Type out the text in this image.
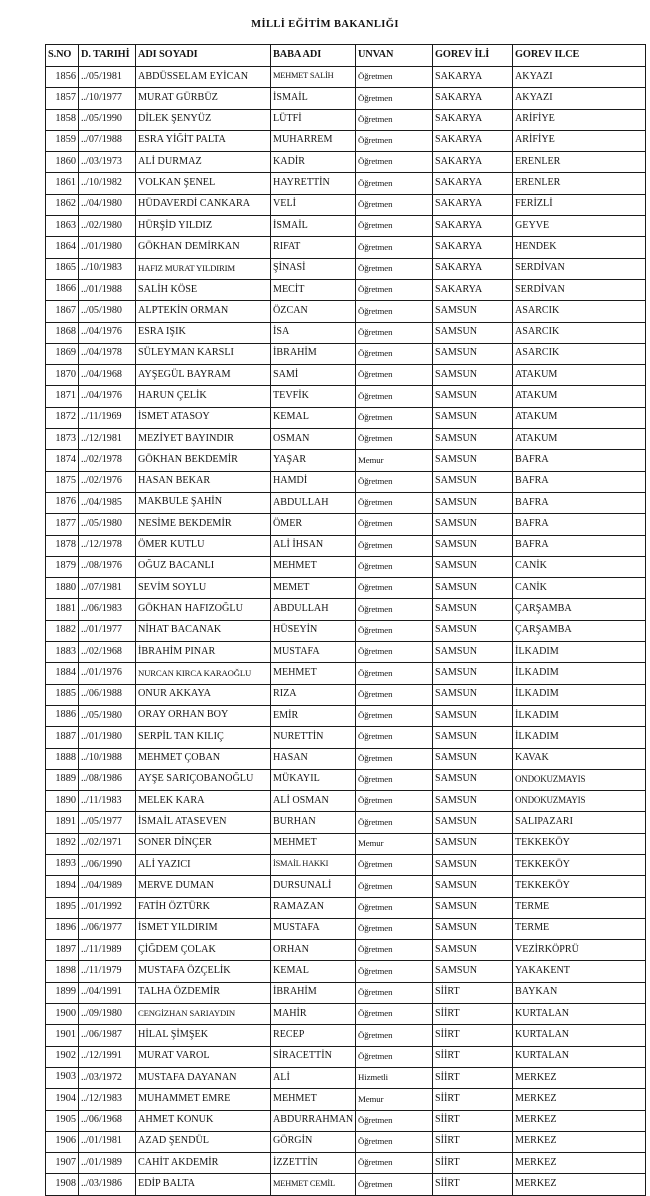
MİLLİ EĞİTİM BAKANLIĞI
S.NO	D. TARIHİ	ADI SOYADI	BABA ADI	UNVAN	GOREV İLİ	GOREV ILCE
1856	../05/1981	ABDÜSSELAM EYİCAN	MEHMET SALİH	Öğretmen	SAKARYA	AKYAZI
1857	../10/1977	MURAT GÜRBÜZ	İSMAİL	Öğretmen	SAKARYA	AKYAZI
1858	../05/1990	DİLEK ŞENYÜZ	LÜTFİ	Öğretmen	SAKARYA	ARİFİYE
1859	../07/1988	ESRA YİĞİT PALTA	MUHARREM	Öğretmen	SAKARYA	ARİFİYE
1860	../03/1973	ALİ DURMAZ	KADİR	Öğretmen	SAKARYA	ERENLER
1861	../10/1982	VOLKAN ŞENEL	HAYRETTİN	Öğretmen	SAKARYA	ERENLER
1862	../04/1980	HÜDAVERDİ CANKARA	VELİ	Öğretmen	SAKARYA	FERİZLİ
1863	../02/1980	HÜRŞİD YILDIZ	İSMAİL	Öğretmen	SAKARYA	GEYVE
1864	../01/1980	GÖKHAN DEMİRKAN	RIFAT	Öğretmen	SAKARYA	HENDEK
1865	../10/1983	HAFIZ MURAT YILDIRIM	ŞİNASİ	Öğretmen	SAKARYA	SERDİVAN
1866	../01/1988	SALİH KÖSE	MECİT	Öğretmen	SAKARYA	SERDİVAN
1867	../05/1980	ALPTEKİN ORMAN	ÖZCAN	Öğretmen	SAMSUN	ASARCIK
1868	../04/1976	ESRA IŞIK	İSA	Öğretmen	SAMSUN	ASARCIK
1869	../04/1978	SÜLEYMAN KARSLI	İBRAHİM	Öğretmen	SAMSUN	ASARCIK
1870	../04/1968	AYŞEGÜL BAYRAM	SAMİ	Öğretmen	SAMSUN	ATAKUM
1871	../04/1976	HARUN ÇELİK	TEVFİK	Öğretmen	SAMSUN	ATAKUM
1872	../11/1969	İSMET ATASOY	KEMAL	Öğretmen	SAMSUN	ATAKUM
1873	../12/1981	MEZİYET BAYINDIR	OSMAN	Öğretmen	SAMSUN	ATAKUM
1874	../02/1978	GÖKHAN BEKDEMİR	YAŞAR	Memur	SAMSUN	BAFRA
1875	../02/1976	HASAN BEKAR	HAMDİ	Öğretmen	SAMSUN	BAFRA
1876	../04/1985	MAKBULE ŞAHİN	ABDULLAH	Öğretmen	SAMSUN	BAFRA
1877	../05/1980	NESİME BEKDEMİR	ÖMER	Öğretmen	SAMSUN	BAFRA
1878	../12/1978	ÖMER KUTLU	ALİ İHSAN	Öğretmen	SAMSUN	BAFRA
1879	../08/1976	OĞUZ BACANLI	MEHMET	Öğretmen	SAMSUN	CANİK
1880	../07/1981	SEVİM SOYLU	MEMET	Öğretmen	SAMSUN	CANİK
1881	../06/1983	GÖKHAN HAFIZOĞLU	ABDULLAH	Öğretmen	SAMSUN	ÇARŞAMBA
1882	../01/1977	NİHAT BACANAK	HÜSEYİN	Öğretmen	SAMSUN	ÇARŞAMBA
1883	../02/1968	İBRAHİM PINAR	MUSTAFA	Öğretmen	SAMSUN	İLKADIM
1884	../01/1976	NURCAN KIRCA KARAOĞLU	MEHMET	Öğretmen	SAMSUN	İLKADIM
1885	../06/1988	ONUR AKKAYA	RIZA	Öğretmen	SAMSUN	İLKADIM
1886	../05/1980	ORAY ORHAN BOY	EMİR	Öğretmen	SAMSUN	İLKADIM
1887	../01/1980	SERPİL TAN KILIÇ	NURETTİN	Öğretmen	SAMSUN	İLKADIM
1888	../10/1988	MEHMET ÇOBAN	HASAN	Öğretmen	SAMSUN	KAVAK
1889	../08/1986	AYŞE SARIÇOBANOĞLU	MÜKAYIL	Öğretmen	SAMSUN	ONDOKUZMAYIS
1890	../11/1983	MELEK KARA	ALİ OSMAN	Öğretmen	SAMSUN	ONDOKUZMAYIS
1891	../05/1977	İSMAİL ATASEVEN	BURHAN	Öğretmen	SAMSUN	SALIPAZARI
1892	../02/1971	SONER DİNÇER	MEHMET	Memur	SAMSUN	TEKKEKÖY
1893	../06/1990	ALİ YAZICI	İSMAİL HAKKI	Öğretmen	SAMSUN	TEKKEKÖY
1894	../04/1989	MERVE DUMAN	DURSUNALİ	Öğretmen	SAMSUN	TEKKEKÖY
1895	../01/1992	FATİH ÖZTÜRK	RAMAZAN	Öğretmen	SAMSUN	TERME
1896	../06/1977	İSMET YILDIRIM	MUSTAFA	Öğretmen	SAMSUN	TERME
1897	../11/1989	ÇİĞDEM ÇOLAK	ORHAN	Öğretmen	SAMSUN	VEZİRKÖPRÜ
1898	../11/1979	MUSTAFA ÖZÇELİK	KEMAL	Öğretmen	SAMSUN	YAKAKENT
1899	../04/1991	TALHA ÖZDEMİR	İBRAHİM	Öğretmen	SİİRT	BAYKAN
1900	../09/1980	CENGİZHAN SARIAYDIN	MAHİR	Öğretmen	SİİRT	KURTALAN
1901	../06/1987	HİLAL ŞİMŞEK	RECEP	Öğretmen	SİİRT	KURTALAN
1902	../12/1991	MURAT VAROL	SİRACETTİN	Öğretmen	SİİRT	KURTALAN
1903	../03/1972	MUSTAFA DAYANAN	ALİ	Hizmetli	SİİRT	MERKEZ
1904	../12/1983	MUHAMMET EMRE	MEHMET	Memur	SİİRT	MERKEZ
1905	../06/1968	AHMET KONUK	ABDURRAHMAN	Öğretmen	SİİRT	MERKEZ
1906	../01/1981	AZAD ŞENDÜL	GÖRGİN	Öğretmen	SİİRT	MERKEZ
1907	../01/1989	CAHİT AKDEMİR	İZZETTİN	Öğretmen	SİİRT	MERKEZ
1908	../03/1986	EDİP BALTA	MEHMET CEMİL	Öğretmen	SİİRT	MERKEZ
